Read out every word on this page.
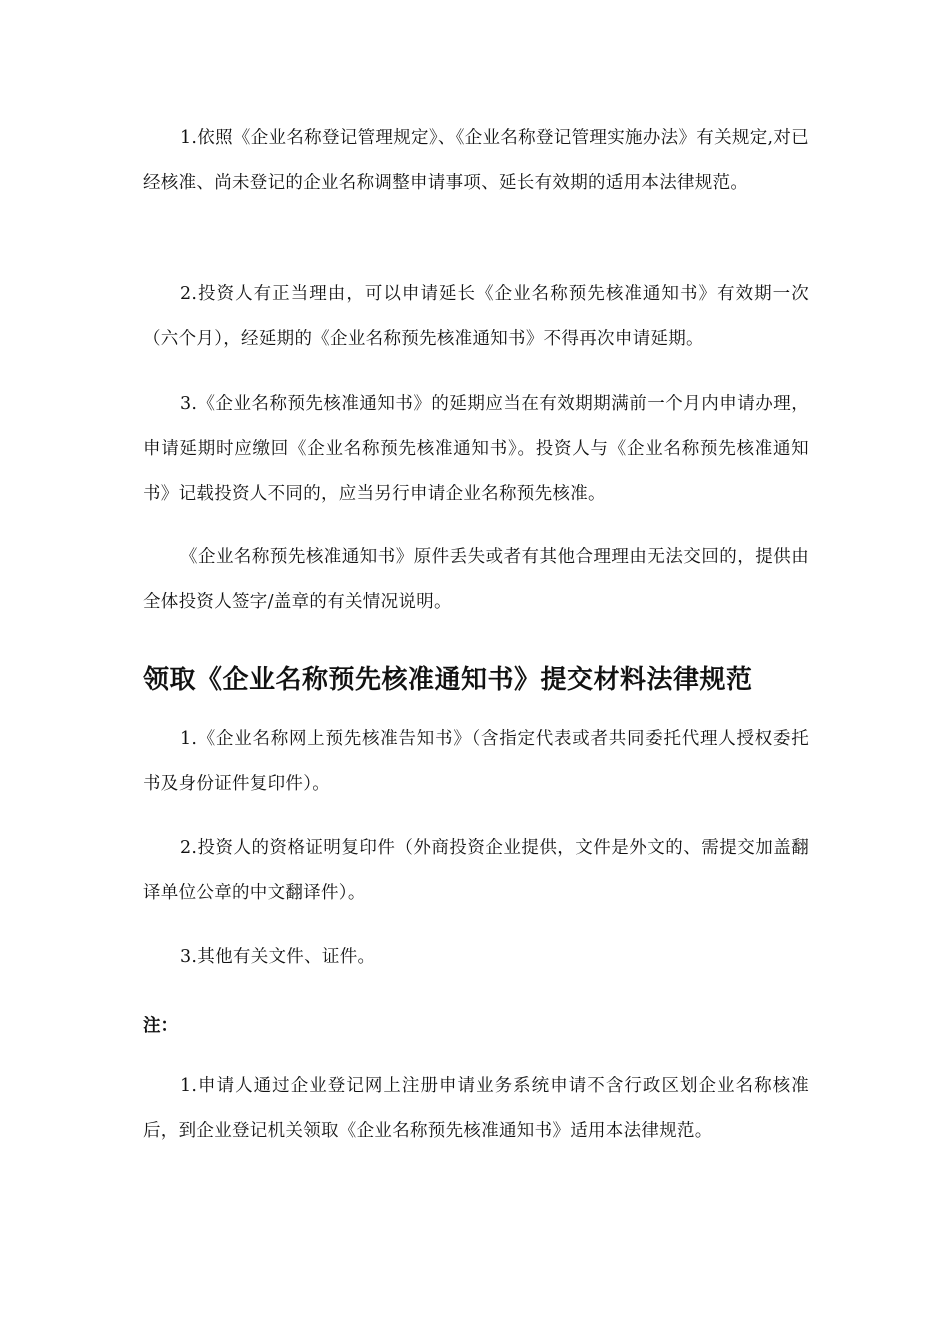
1.依照《企业名称登记管理规定》、《企业名称登记管理实施办法》有关规定,对已经核准、尚未登记的企业名称调整申请事项、延长有效期的适用本法律规范。

2.投资人有正当理由，可以申请延长《企业名称预先核准通知书》有效期一次（六个月），经延期的《企业名称预先核准通知书》不得再次申请延期。

3.《企业名称预先核准通知书》的延期应当在有效期期满前一个月内申请办理，申请延期时应缴回《企业名称预先核准通知书》。投资人与《企业名称预先核准通知书》记载投资人不同的，应当另行申请企业名称预先核准。

《企业名称预先核准通知书》原件丢失或者有其他合理理由无法交回的，提供由全体投资人签字/盖章的有关情况说明。

领取《企业名称预先核准通知书》提交材料法律规范

1.《企业名称网上预先核准告知书》（含指定代表或者共同委托代理人授权委托书及身份证件复印件）。

2.投资人的资格证明复印件（外商投资企业提供，文件是外文的、需提交加盖翻译单位公章的中文翻译件）。

3.其他有关文件、证件。

注：

1.申请人通过企业登记网上注册申请业务系统申请不含行政区划企业名称核准后，到企业登记机关领取《企业名称预先核准通知书》适用本法律规范。
